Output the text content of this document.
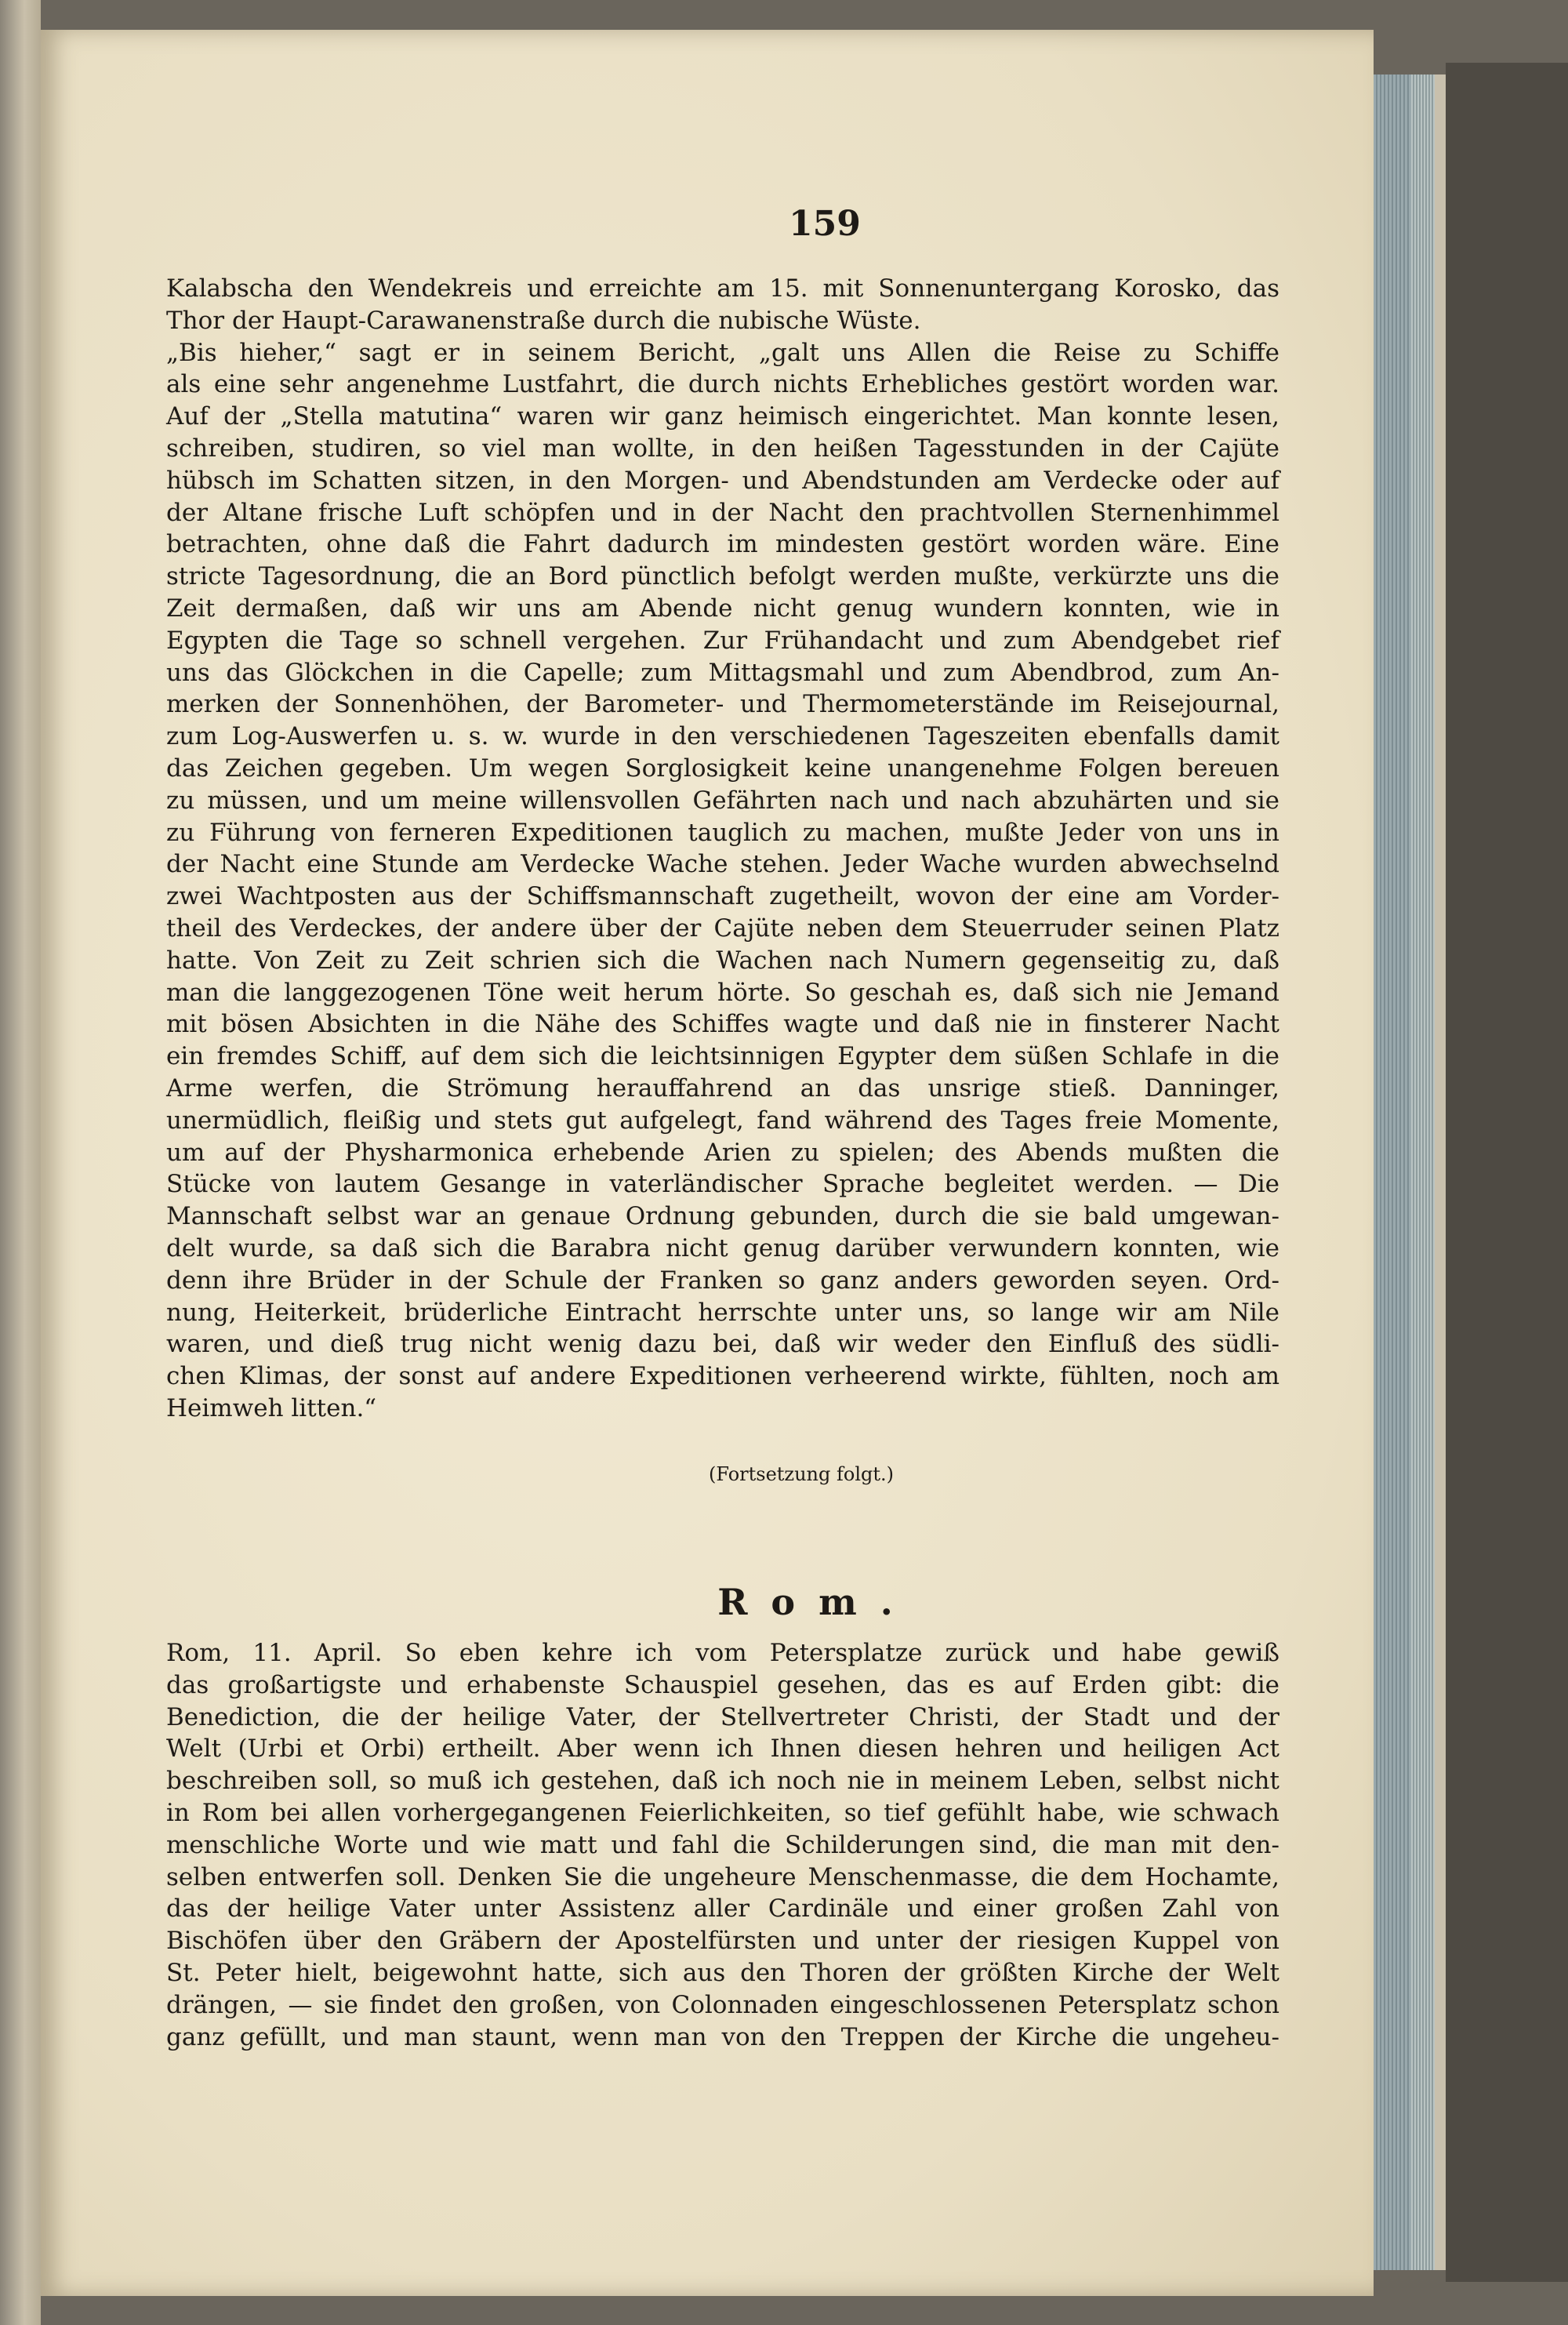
159
Kalabscha den Wendekreis und erreichte am 15. mit Sonnenuntergang Korosko, das
Thor der Haupt-Carawanenstraße durch die nubische Wüste.
„Bis hieher,“ sagt er in seinem Bericht, „galt uns Allen die Reise zu Schiffe
als eine sehr angenehme Lustfahrt, die durch nichts Erhebliches gestört worden war.
Auf der „Stella matutina“ waren wir ganz heimisch eingerichtet. Man konnte lesen,
schreiben, studiren, so viel man wollte, in den heißen Tagesstunden in der Cajüte
hübsch im Schatten sitzen, in den Morgen- und Abendstunden am Verdecke oder auf
der Altane frische Luft schöpfen und in der Nacht den prachtvollen Sternenhimmel
betrachten, ohne daß die Fahrt dadurch im mindesten gestört worden wäre. Eine
stricte Tagesordnung, die an Bord pünctlich befolgt werden mußte, verkürzte uns die
Zeit dermaßen, daß wir uns am Abende nicht genug wundern konnten, wie in
Egypten die Tage so schnell vergehen. Zur Frühandacht und zum Abendgebet rief
uns das Glöckchen in die Capelle; zum Mittagsmahl und zum Abendbrod, zum An-
merken der Sonnenhöhen, der Barometer- und Thermometerstände im Reisejournal,
zum Log-Auswerfen u. s. w. wurde in den verschiedenen Tageszeiten ebenfalls damit
das Zeichen gegeben. Um wegen Sorglosigkeit keine unangenehme Folgen bereuen
zu müssen, und um meine willensvollen Gefährten nach und nach abzuhärten und sie
zu Führung von ferneren Expeditionen tauglich zu machen, mußte Jeder von uns in
der Nacht eine Stunde am Verdecke Wache stehen. Jeder Wache wurden abwechselnd
zwei Wachtposten aus der Schiffsmannschaft zugetheilt, wovon der eine am Vorder-
theil des Verdeckes, der andere über der Cajüte neben dem Steuerruder seinen Platz
hatte. Von Zeit zu Zeit schrien sich die Wachen nach Numern gegenseitig zu, daß
man die langgezogenen Töne weit herum hörte. So geschah es, daß sich nie Jemand
mit bösen Absichten in die Nähe des Schiffes wagte und daß nie in finsterer Nacht
ein fremdes Schiff, auf dem sich die leichtsinnigen Egypter dem süßen Schlafe in die
Arme werfen, die Strömung herauffahrend an das unsrige stieß. Danninger,
unermüdlich, fleißig und stets gut aufgelegt, fand während des Tages freie Momente,
um auf der Physharmonica erhebende Arien zu spielen; des Abends mußten die
Stücke von lautem Gesange in vaterländischer Sprache begleitet werden. — Die
Mannschaft selbst war an genaue Ordnung gebunden, durch die sie bald umgewan-
delt wurde, sa daß sich die Barabra nicht genug darüber verwundern konnten, wie
denn ihre Brüder in der Schule der Franken so ganz anders geworden seyen. Ord-
nung, Heiterkeit, brüderliche Eintracht herrschte unter uns, so lange wir am Nile
waren, und dieß trug nicht wenig dazu bei, daß wir weder den Einfluß des südli-
chen Klimas, der sonst auf andere Expeditionen verheerend wirkte, fühlten, noch am
Heimweh litten.“
(Fortsetzung folgt.)
Rom.
Rom, 11. April. So eben kehre ich vom Petersplatze zurück und habe gewiß
das großartigste und erhabenste Schauspiel gesehen, das es auf Erden gibt: die
Benediction, die der heilige Vater, der Stellvertreter Christi, der Stadt und der
Welt (Urbi et Orbi) ertheilt. Aber wenn ich Ihnen diesen hehren und heiligen Act
beschreiben soll, so muß ich gestehen, daß ich noch nie in meinem Leben, selbst nicht
in Rom bei allen vorhergegangenen Feierlichkeiten, so tief gefühlt habe, wie schwach
menschliche Worte und wie matt und fahl die Schilderungen sind, die man mit den-
selben entwerfen soll. Denken Sie die ungeheure Menschenmasse, die dem Hochamte,
das der heilige Vater unter Assistenz aller Cardinäle und einer großen Zahl von
Bischöfen über den Gräbern der Apostelfürsten und unter der riesigen Kuppel von
St. Peter hielt, beigewohnt hatte, sich aus den Thoren der größten Kirche der Welt
drängen, — sie findet den großen, von Colonnaden eingeschlossenen Petersplatz schon
ganz gefüllt, und man staunt, wenn man von den Treppen der Kirche die ungeheu-
